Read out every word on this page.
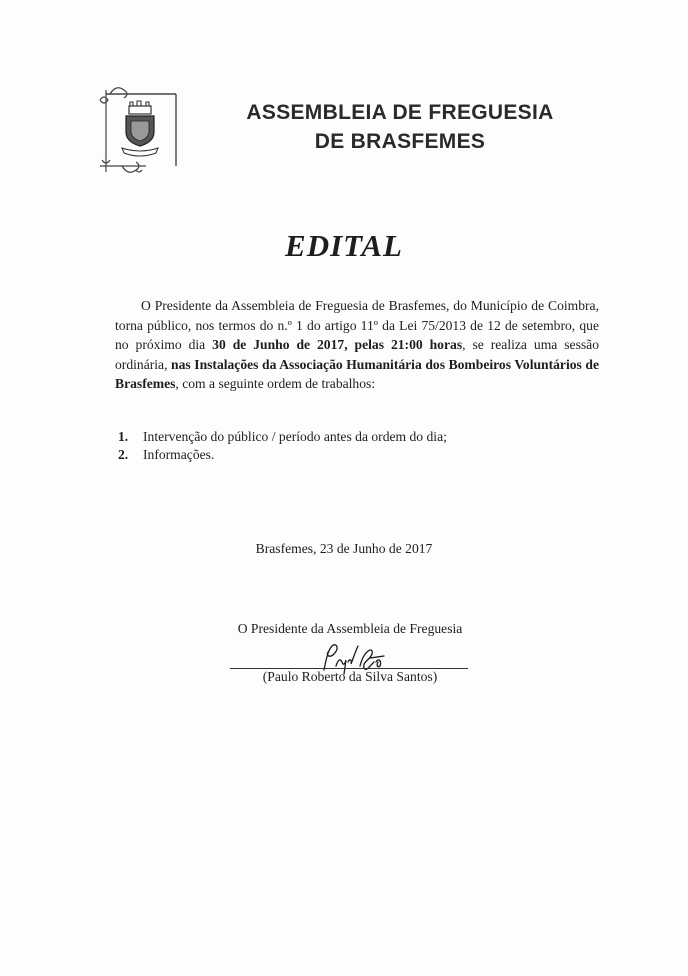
ASSEMBLEIA DE FREGUESIA
DE BRASFEMES
EDITAL
O Presidente da Assembleia de Freguesia de Brasfemes, do Município de Coimbra, torna público, nos termos do n.º 1 do artigo 11º da Lei 75/2013 de 12 de setembro, que no próximo dia 30 de Junho de 2017, pelas 21:00 horas, se realiza uma sessão ordinária, nas Instalações da Associação Humanitária dos Bombeiros Voluntários de Brasfemes, com a seguinte ordem de trabalhos:
1.	Intervenção do público / período antes da ordem do dia;
2.	Informações.
Brasfemes, 23 de Junho de 2017
O Presidente da Assembleia de Freguesia
(Paulo Roberto da Silva Santos)
